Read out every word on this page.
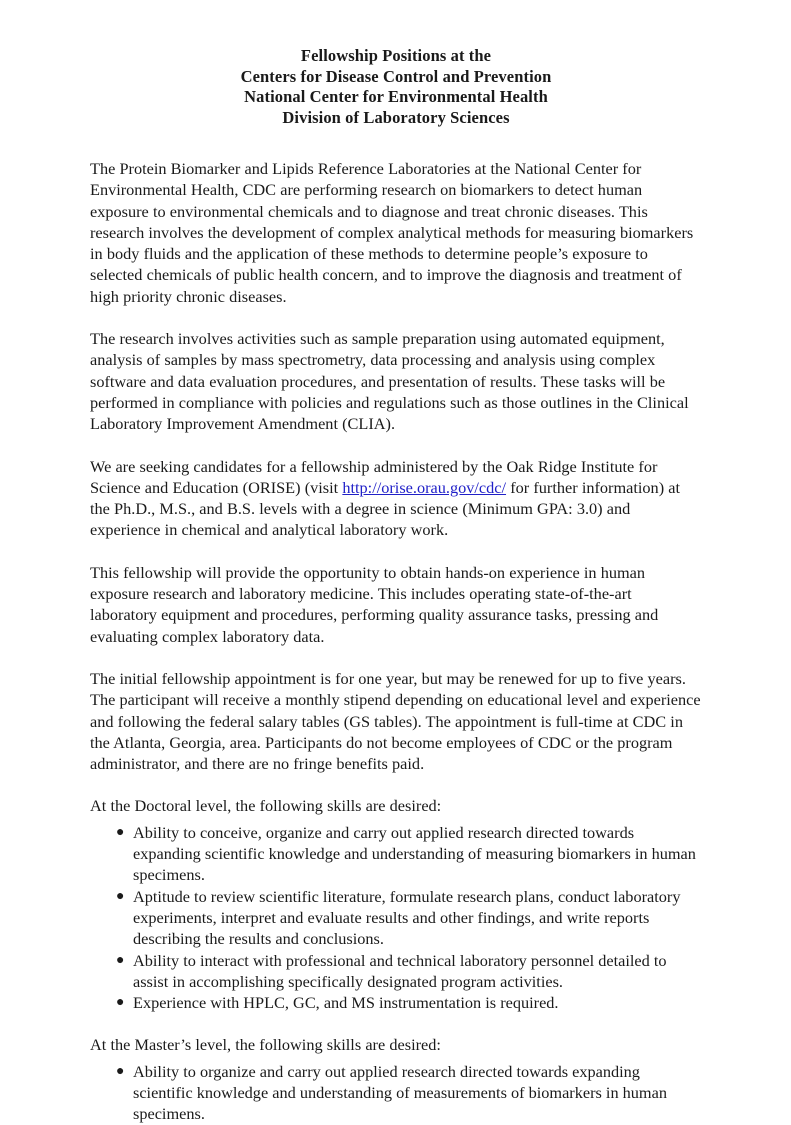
Fellowship Positions at the
Centers for Disease Control and Prevention
National Center for Environmental Health
Division of Laboratory Sciences

The Protein Biomarker and Lipids Reference Laboratories at the National Center for Environmental Health, CDC are performing research on biomarkers to detect human exposure to environmental chemicals and to diagnose and treat chronic diseases. This research involves the development of complex analytical methods for measuring biomarkers in body fluids and the application of these methods to determine people’s exposure to selected chemicals of public health concern, and to improve the diagnosis and treatment of high priority chronic diseases.

The research involves activities such as sample preparation using automated equipment, analysis of samples by mass spectrometry, data processing and analysis using complex software and data evaluation procedures, and presentation of results. These tasks will be performed in compliance with policies and regulations such as those outlines in the Clinical Laboratory Improvement Amendment (CLIA).

We are seeking candidates for a fellowship administered by the Oak Ridge Institute for Science and Education (ORISE) (visit http://orise.orau.gov/cdc/ for further information) at the Ph.D., M.S., and B.S. levels with a degree in science (Minimum GPA: 3.0) and experience in chemical and analytical laboratory work.

This fellowship will provide the opportunity to obtain hands-on experience in human exposure research and laboratory medicine. This includes operating state-of-the-art laboratory equipment and procedures, performing quality assurance tasks, pressing and evaluating complex laboratory data.

The initial fellowship appointment is for one year, but may be renewed for up to five years. The participant will receive a monthly stipend depending on educational level and experience and following the federal salary tables (GS tables). The appointment is full-time at CDC in the Atlanta, Georgia, area. Participants do not become employees of CDC or the program administrator, and there are no fringe benefits paid.

At the Doctoral level, the following skills are desired:

● Ability to conceive, organize and carry out applied research directed towards expanding scientific knowledge and understanding of measuring biomarkers in human specimens.
● Aptitude to review scientific literature, formulate research plans, conduct laboratory experiments, interpret and evaluate results and other findings, and write reports describing the results and conclusions.
● Ability to interact with professional and technical laboratory personnel detailed to assist in accomplishing specifically designated program activities.
● Experience with HPLC, GC, and MS instrumentation is required.

At the Master’s level, the following skills are desired:

● Ability to organize and carry out applied research directed towards expanding scientific knowledge and understanding of measurements of biomarkers in human specimens.
